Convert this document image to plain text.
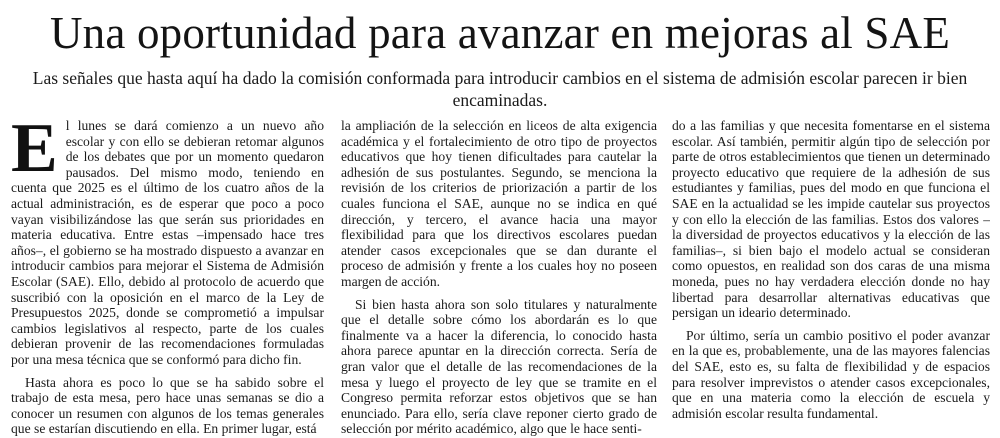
Una oportunidad para avanzar en mejoras al SAE

Las señales que hasta aquí ha dado la comisión conformada para introducir cambios en el sistema de admisión escolar parecen ir bien encaminadas.

El lunes se dará comienzo a un nuevo año escolar y con ello se debieran retomar algunos de los debates que por un momento quedaron pausados. Del mismo modo, teniendo en cuenta que 2025 es el último de los cuatro años de la actual administración, es de esperar que poco a poco vayan visibilizándose las que serán sus prioridades en materia educativa. Entre estas –impensado hace tres años–, el gobierno se ha mostrado dispuesto a avanzar en introducir cambios para mejorar el Sistema de Admisión Escolar (SAE). Ello, debido al protocolo de acuerdo que suscribió con la oposición en el marco de la Ley de Presupuestos 2025, donde se comprometió a impulsar cambios legislativos al respecto, parte de los cuales debieran provenir de las recomendaciones formuladas por una mesa técnica que se conformó para dicho fin.

Hasta ahora es poco lo que se ha sabido sobre el trabajo de esta mesa, pero hace unas semanas se dio a conocer un resumen con algunos de los temas generales que se estarían discutiendo en ella. En primer lugar, está

la ampliación de la selección en liceos de alta exigencia académica y el fortalecimiento de otro tipo de proyectos educativos que hoy tienen dificultades para cautelar la adhesión de sus postulantes. Segundo, se menciona la revisión de los criterios de priorización a partir de los cuales funciona el SAE, aunque no se indica en qué dirección, y tercero, el avance hacia una mayor flexibilidad para que los directivos escolares puedan atender casos excepcionales que se dan durante el proceso de admisión y frente a los cuales hoy no poseen margen de acción.

Si bien hasta ahora son solo titulares y naturalmente que el detalle sobre cómo los abordarán es lo que finalmente va a hacer la diferencia, lo conocido hasta ahora parece apuntar en la dirección correcta. Sería de gran valor que el detalle de las recomendaciones de la mesa y luego el proyecto de ley que se tramite en el Congreso permita reforzar estos objetivos que se han enunciado. Para ello, sería clave reponer cierto grado de selección por mérito académico, algo que le hace senti-

do a las familias y que necesita fomentarse en el sistema escolar. Así también, permitir algún tipo de selección por parte de otros establecimientos que tienen un determinado proyecto educativo que requiere de la adhesión de sus estudiantes y familias, pues del modo en que funciona el SAE en la actualidad se les impide cautelar sus proyectos y con ello la elección de las familias. Estos dos valores –la diversidad de proyectos educativos y la elección de las familias–, si bien bajo el modelo actual se consideran como opuestos, en realidad son dos caras de una misma moneda, pues no hay verdadera elección donde no hay libertad para desarrollar alternativas educativas que persigan un ideario determinado.

Por último, sería un cambio positivo el poder avanzar en la que es, probablemente, una de las mayores falencias del SAE, esto es, su falta de flexibilidad y de espacios para resolver imprevistos o atender casos excepcionales, que en una materia como la elección de escuela y admisión escolar resulta fundamental.
